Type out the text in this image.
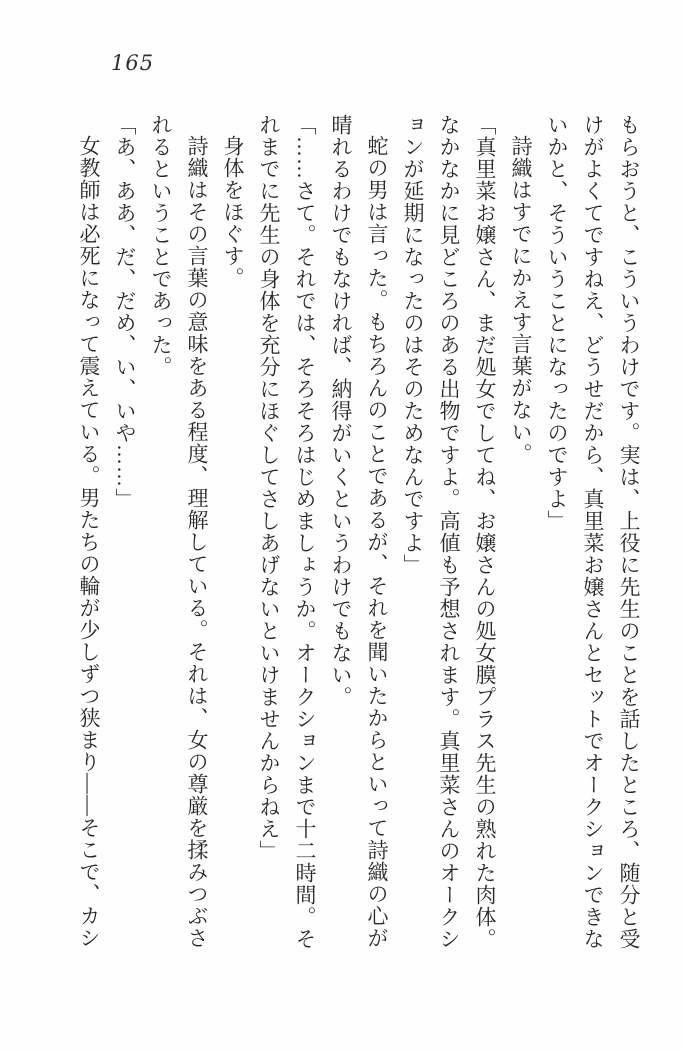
165

もらおうと、こういうわけです。実は、上役に先生のことを話したところ、随分と受けがよくてですねえ、どうせだから、真里菜お嬢さんとセットでオークションできないかと、そういうことになったのですよ」

詩織はすでにかえす言葉がない。

「真里菜お嬢さん、まだ処女でしてね、お嬢さんの処女膜プラス先生の熟れた肉体。なかなかに見どころのある出物ですよ。高値も予想されます。真里菜さんのオークションが延期になったのはそのためなんですよ」

蛇の男は言った。もちろんのことであるが、それを聞いたからといって詩織の心が晴れるわけでもなければ、納得がいくというわけでもない。

「……さて。それでは、そろそろはじめましょうか。オークションまで十二時間。それまでに先生の身体を充分にほぐしてさしあげないといけませんからねえ」

身体をほぐす。

詩織はその言葉の意味をある程度、理解している。それは、女の尊厳を揉みつぶされるということであった。

「あ、ああ、だ、だめ、い、いや……」

女教師は必死になって震えている。男たちの輪が少しずつ狭まり――そこで、カシ
